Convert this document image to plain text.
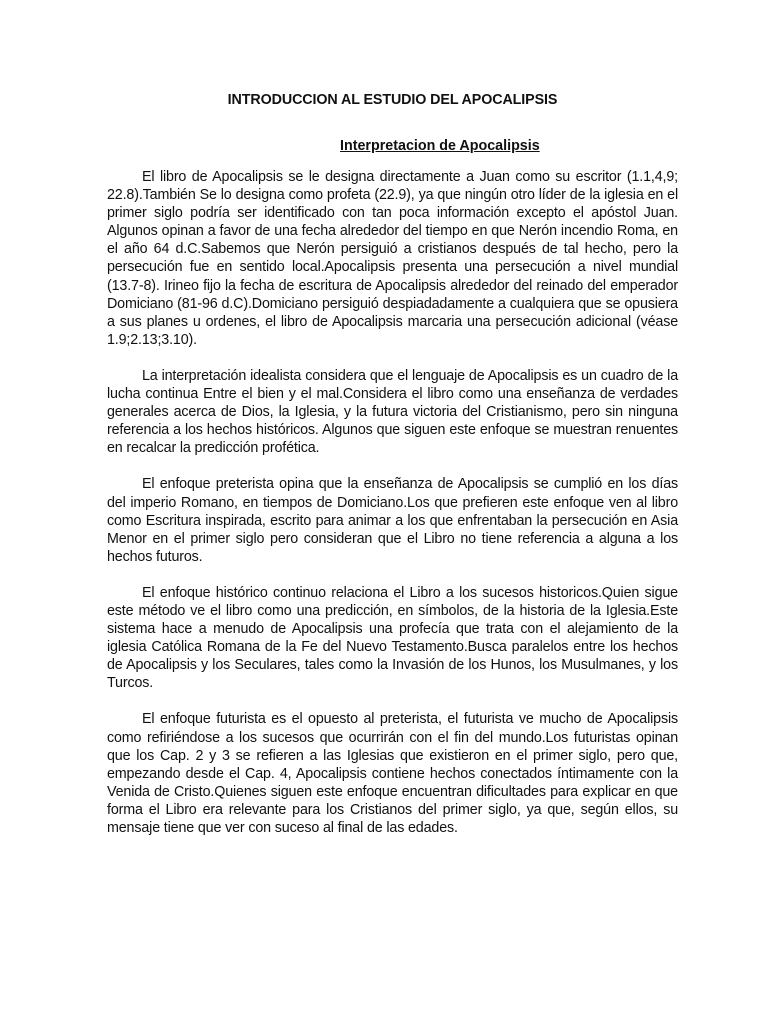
INTRODUCCION AL ESTUDIO DEL APOCALIPSIS
Interpretacion de Apocalipsis

El libro de Apocalipsis se le designa directamente a Juan como su escritor (1.1,4,9; 22.8).También Se lo designa como profeta (22.9), ya que ningún otro líder de la iglesia en el primer siglo podría ser identificado con tan poca información excepto el apóstol Juan. Algunos opinan a favor de una fecha alrededor del tiempo en que Nerón incendio Roma, en el año 64 d.C.Sabemos que Nerón persiguió a cristianos después de tal hecho, pero la persecución fue en sentido local.Apocalipsis presenta una persecución a nivel mundial (13.7-8). Irineo fijo la fecha de escritura de Apocalipsis alrededor del reinado del emperador Domiciano (81-96 d.C).Domiciano persiguió despiadadamente a cualquiera que se opusiera a sus planes u ordenes, el libro de Apocalipsis marcaria una persecución adicional (véase 1.9;2.13;3.10).

La interpretación idealista considera que el lenguaje de Apocalipsis es un cuadro de la lucha continua Entre el bien y el mal.Considera el libro como una enseñanza de verdades generales acerca de Dios, la Iglesia, y la futura victoria del Cristianismo, pero sin ninguna referencia a los hechos históricos. Algunos que siguen este enfoque se muestran renuentes en recalcar la predicción profética.

El enfoque preterista opina que la enseñanza de Apocalipsis se cumplió en los días del imperio Romano, en tiempos de Domiciano.Los que prefieren este enfoque ven al libro como Escritura inspirada, escrito para animar a los que enfrentaban la persecución en Asia Menor en el primer siglo pero consideran que el Libro no tiene referencia a alguna a los hechos futuros.

El enfoque histórico continuo relaciona el Libro a los sucesos historicos.Quien sigue este método ve el libro como una predicción, en símbolos, de la historia de la Iglesia.Este sistema hace a menudo de Apocalipsis una profecía que trata con el alejamiento de la iglesia Católica Romana de la Fe del Nuevo Testamento.Busca paralelos entre los hechos de Apocalipsis y los Seculares, tales como la Invasión de los Hunos, los Musulmanes, y los Turcos.

El enfoque futurista es el opuesto al preterista, el futurista ve mucho de Apocalipsis como refiriéndose a los sucesos que ocurrirán con el fin del mundo.Los futuristas opinan que los Cap. 2 y 3 se refieren a las Iglesias que existieron en el primer siglo, pero que, empezando desde el Cap. 4, Apocalipsis contiene hechos conectados íntimamente con la Venida de Cristo.Quienes siguen este enfoque encuentran dificultades para explicar en que forma el Libro era relevante para los Cristianos del primer siglo, ya que, según ellos, su mensaje tiene que ver con suceso al final de las edades.
